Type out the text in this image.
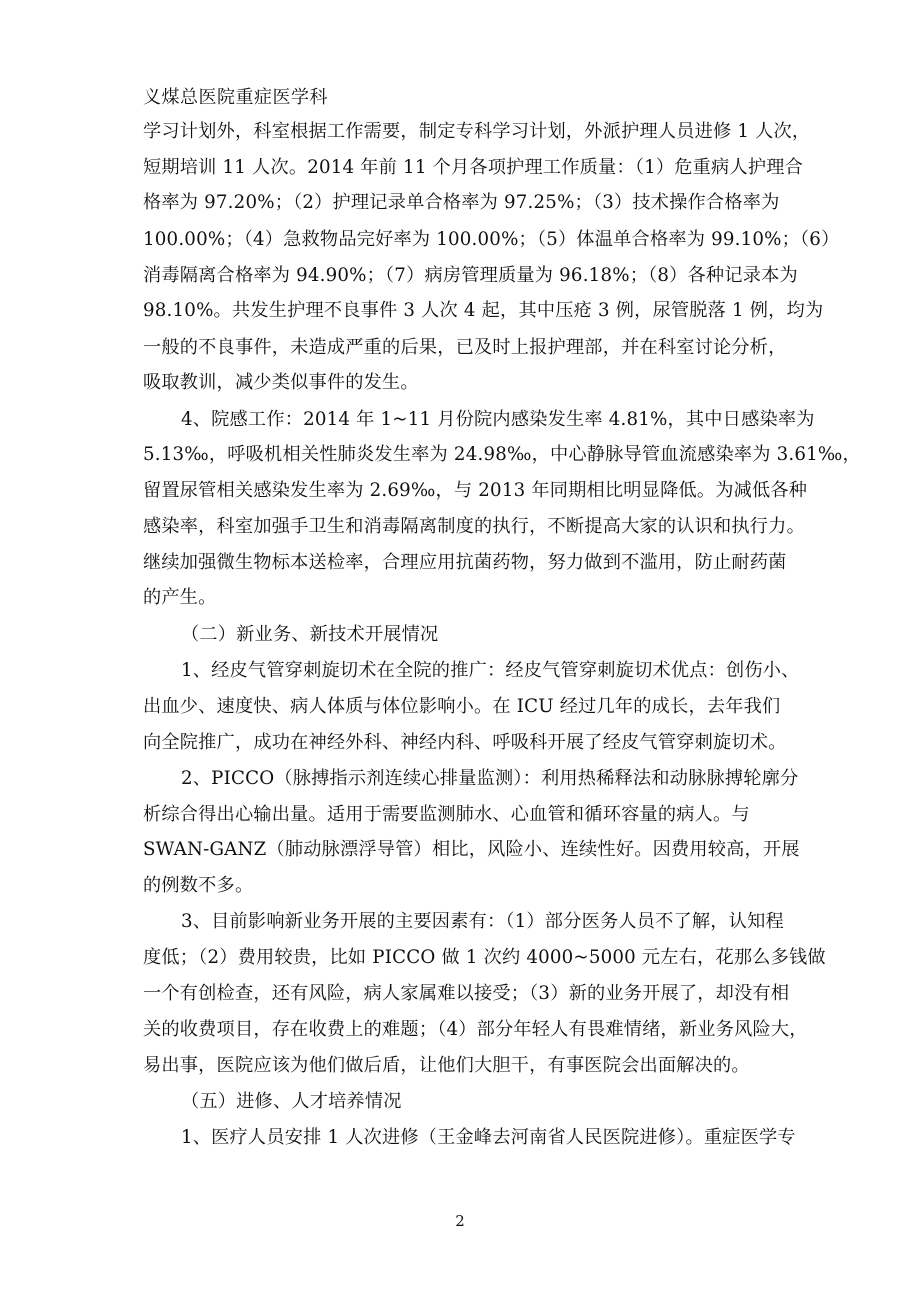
义煤总医院重症医学科
学习计划外，科室根据工作需要，制定专科学习计划，外派护理人员进修 1 人次，
短期培训 11 人次。2014 年前 11 个月各项护理工作质量：（1）危重病人护理合
格率为 97.20%；（2）护理记录单合格率为 97.25%；（3）技术操作合格率为
100.00%；（4）急救物品完好率为 100.00%；（5）体温单合格率为 99.10%；（6）
消毒隔离合格率为 94.90%；（7）病房管理质量为 96.18%；（8）各种记录本为
98.10%。共发生护理不良事件 3 人次 4 起，其中压疮 3 例，尿管脱落 1 例，均为
一般的不良事件，未造成严重的后果，已及时上报护理部，并在科室讨论分析，
吸取教训，减少类似事件的发生。
4、院感工作：2014 年 1~11 月份院内感染发生率 4.81%，其中日感染率为
5.13‰，呼吸机相关性肺炎发生率为 24.98‰，中心静脉导管血流感染率为 3.61‰，
留置尿管相关感染发生率为 2.69‰，与 2013 年同期相比明显降低。为减低各种
感染率，科室加强手卫生和消毒隔离制度的执行，不断提高大家的认识和执行力。
继续加强微生物标本送检率，合理应用抗菌药物，努力做到不滥用，防止耐药菌
的产生。
（二）新业务、新技术开展情况
1、经皮气管穿刺旋切术在全院的推广：经皮气管穿刺旋切术优点：创伤小、
出血少、速度快、病人体质与体位影响小。在 ICU 经过几年的成长，去年我们
向全院推广，成功在神经外科、神经内科、呼吸科开展了经皮气管穿刺旋切术。
2、PICCO（脉搏指示剂连续心排量监测）：利用热稀释法和动脉脉搏轮廓分
析综合得出心输出量。适用于需要监测肺水、心血管和循环容量的病人。与
SWAN-GANZ（肺动脉漂浮导管）相比，风险小、连续性好。因费用较高，开展
的例数不多。
3、目前影响新业务开展的主要因素有：（1）部分医务人员不了解，认知程
度低；（2）费用较贵，比如 PICCO 做 1 次约 4000~5000 元左右，花那么多钱做
一个有创检查，还有风险，病人家属难以接受；（3）新的业务开展了，却没有相
关的收费项目，存在收费上的难题；（4）部分年轻人有畏难情绪，新业务风险大，
易出事，医院应该为他们做后盾，让他们大胆干，有事医院会出面解决的。
（五）进修、人才培养情况
1、医疗人员安排 1 人次进修（王金峰去河南省人民医院进修）。重症医学专
2
